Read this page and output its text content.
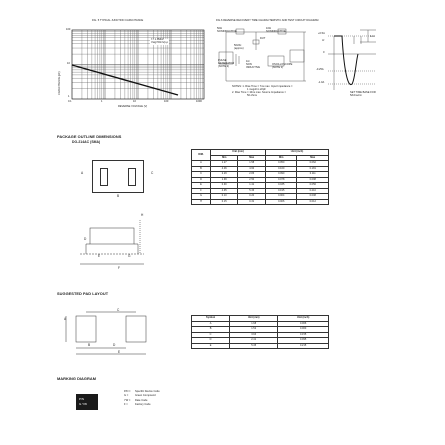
FIG. 5 TYPICAL JUNCTION CAPACITANCE
CAPACITANCE (pF)
100
10
1
0.1	1	10	100	1000
REVERSE VOLTAGE (V)
f = 1.0MHz
Vsig=50mVp-p
FIG.6 REVERSE RECOVERY TIME CHARACTERISTIC AND TEST CIRCUIT DIAGRAM
50Ω
NONINDUCTIVE
10Ω
NONINDUCTIVE
50Vdc
(approx)
DUT
PULSE
GENERATOR
(NOTE 2)
1Ω
NON
INDUCTIVE
OSCILLOSCOPE
(NOTE 1)
NOTES: 1. Rise Time = 7ns max. Input Impedance =
1 megohm 22pF
2. Rise Time = 10ns max. Source Impedance =
50 ohms
trr
+0.5A
0
-0.25A
-1.0A
1cm
SET TIME BASE FOR
5/10ns/cm
PACKAGE OUTLINE DIMENSIONS
DO-214AC (SMA)
A
B
C
H
D
E	G
F
DIM.	Unit (mm)		Unit (inch)	
	Min	Max	Min	Max
A	1.27	1.58	0.050	0.062
B	4.06	4.60	0.160	0.181
C	2.29	2.83	0.090	0.111
D	1.99	2.50	0.078	0.098
E	0.90	1.41	0.035	0.056
F	4.95	5.33	0.195	0.210
G	0.10	0.20	0.004	0.008
H	0.15	0.31	0.006	0.012
SUGGESTED PAD LAYOUT
A
B
C
D
E
Symbol	Unit (mm)	Unit (inch)
A	1.68	0.066
B	1.52	0.060
C	3.93	0.155
D	2.41	0.095
E	5.45	0.215
MARKING DIAGRAM
P/N
G YW
P/N = Specific Device Code
G =	Green Compound
YW = Date Code
F =	Factory Code
